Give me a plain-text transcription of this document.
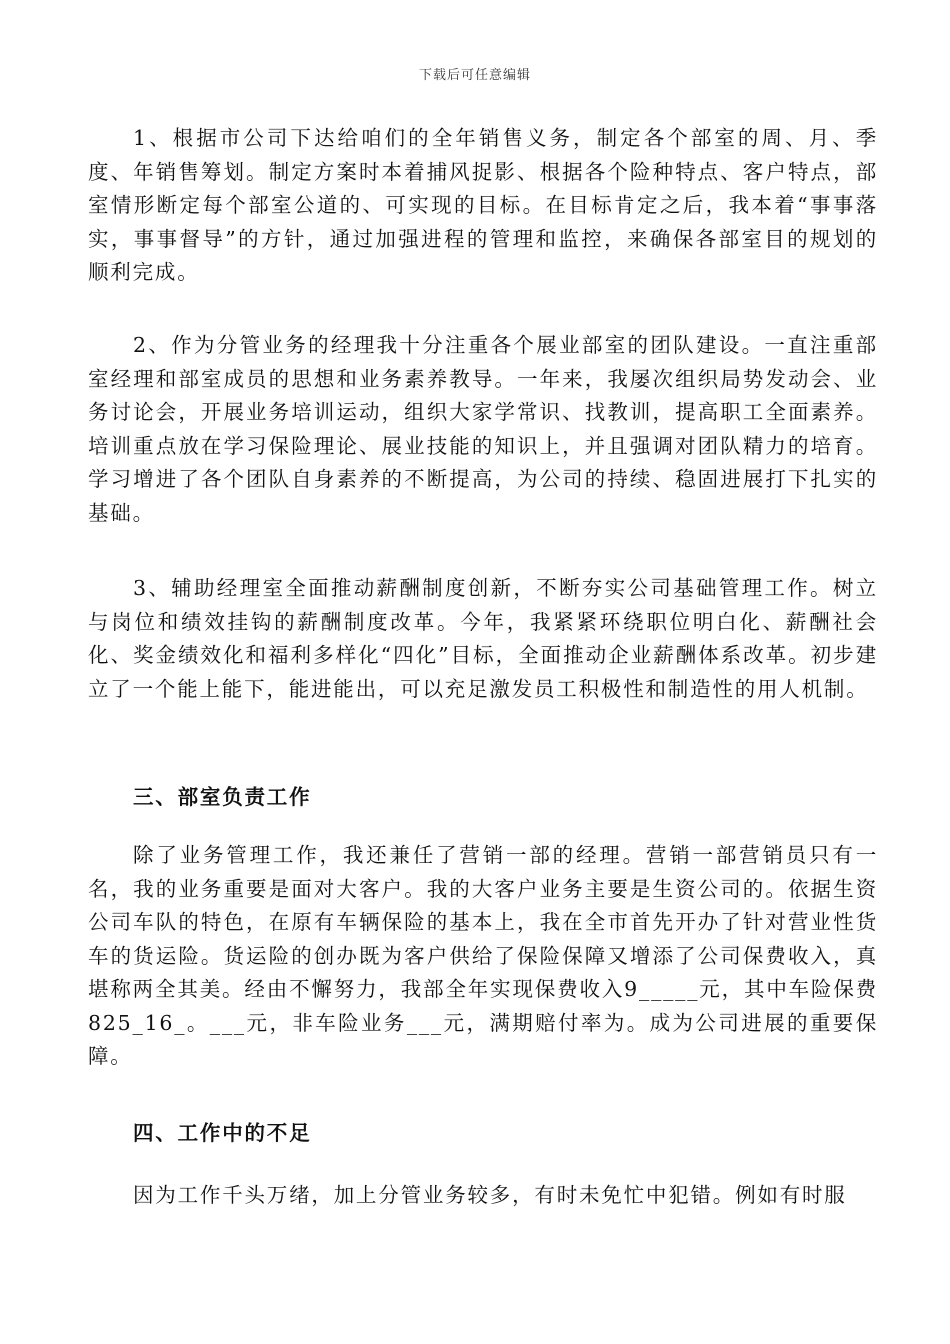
下载后可任意编辑

1、根据市公司下达给咱们的全年销售义务，制定各个部室的周、月、季度、年销售筹划。制定方案时本着捕风捉影、根据各个险种特点、客户特点，部室情形断定每个部室公道的、可实现的目标。在目标肯定之后，我本着“事事落实，事事督导”的方针，通过加强进程的管理和监控，来确保各部室目的规划的顺利完成。

2、作为分管业务的经理我十分注重各个展业部室的团队建设。一直注重部室经理和部室成员的思想和业务素养教导。一年来，我屡次组织局势发动会、业务讨论会，开展业务培训运动，组织大家学常识、找教训，提高职工全面素养。培训重点放在学习保险理论、展业技能的知识上，并且强调对团队精力的培育。学习增进了各个团队自身素养的不断提高，为公司的持续、稳固进展打下扎实的基础。

3、辅助经理室全面推动薪酬制度创新，不断夯实公司基础管理工作。树立与岗位和绩效挂钩的薪酬制度改革。今年，我紧紧环绕职位明白化、薪酬社会化、奖金绩效化和福利多样化“四化”目标，全面推动企业薪酬体系改革。初步建立了一个能上能下，能进能出，可以充足激发员工积极性和制造性的用人机制。

三、部室负责工作

除了业务管理工作，我还兼任了营销一部的经理。营销一部营销员只有一名，我的业务重要是面对大客户。我的大客户业务主要是生资公司的。依据生资公司车队的特色，在原有车辆保险的基本上，我在全市首先开办了针对营业性货车的货运险。货运险的创办既为客户供给了保险保障又增添了公司保费收入，真堪称两全其美。经由不懈努力，我部全年实现保费收入9_____元，其中车险保费825_16_。___元，非车险业务___元，满期赔付率为。成为公司进展的重要保障。

四、工作中的不足

因为工作千头万绪，加上分管业务较多，有时未免忙中犯错。例如有时服
